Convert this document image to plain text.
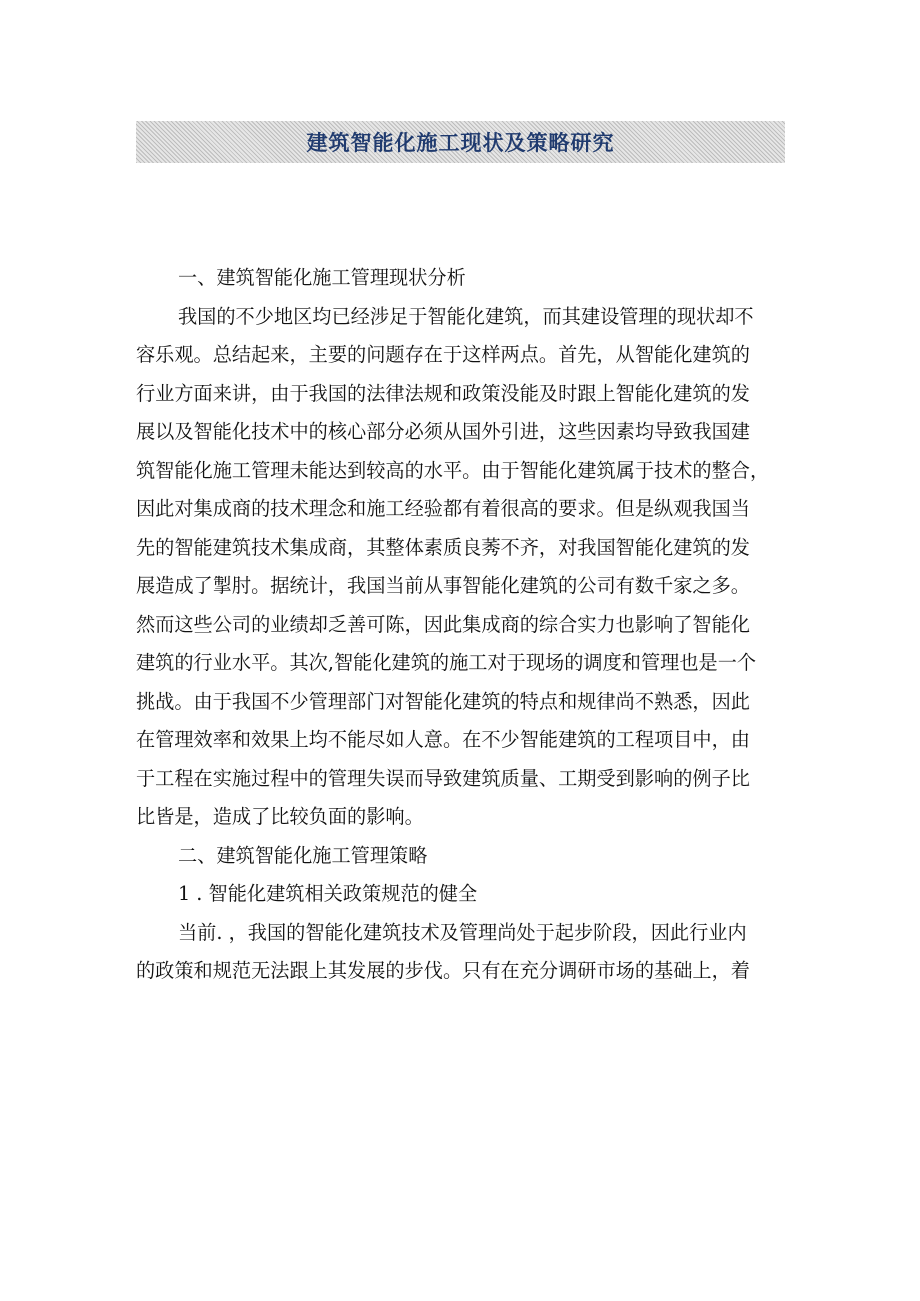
建筑智能化施工现状及策略研究
一、建筑智能化施工管理现状分析
我国的不少地区均已经涉足于智能化建筑，而其建设管理的现状却不
容乐观。总结起来，主要的问题存在于这样两点。首先，从智能化建筑的
行业方面来讲，由于我国的法律法规和政策没能及时跟上智能化建筑的发
展以及智能化技术中的核心部分必须从国外引进，这些因素均导致我国建
筑智能化施工管理未能达到较高的水平。由于智能化建筑属于技术的整合，
因此对集成商的技术理念和施工经验都有着很高的要求。但是纵观我国当
先的智能建筑技术集成商，其整体素质良莠不齐，对我国智能化建筑的发
展造成了掣肘。据统计，我国当前从事智能化建筑的公司有数千家之多。
然而这些公司的业绩却乏善可陈，因此集成商的综合实力也影响了智能化
建筑的行业水平。其次,智能化建筑的施工对于现场的调度和管理也是一个
挑战。由于我国不少管理部门对智能化建筑的特点和规律尚不熟悉，因此
在管理效率和效果上均不能尽如人意。在不少智能建筑的工程项目中，由
于工程在实施过程中的管理失误而导致建筑质量、工期受到影响的例子比
比皆是，造成了比较负面的影响。
二、建筑智能化施工管理策略
1 . 智能化建筑相关政策规范的健全
当前. ，我国的智能化建筑技术及管理尚处于起步阶段，因此行业内
的政策和规范无法跟上其发展的步伐。只有在充分调研市场的基础上，着
